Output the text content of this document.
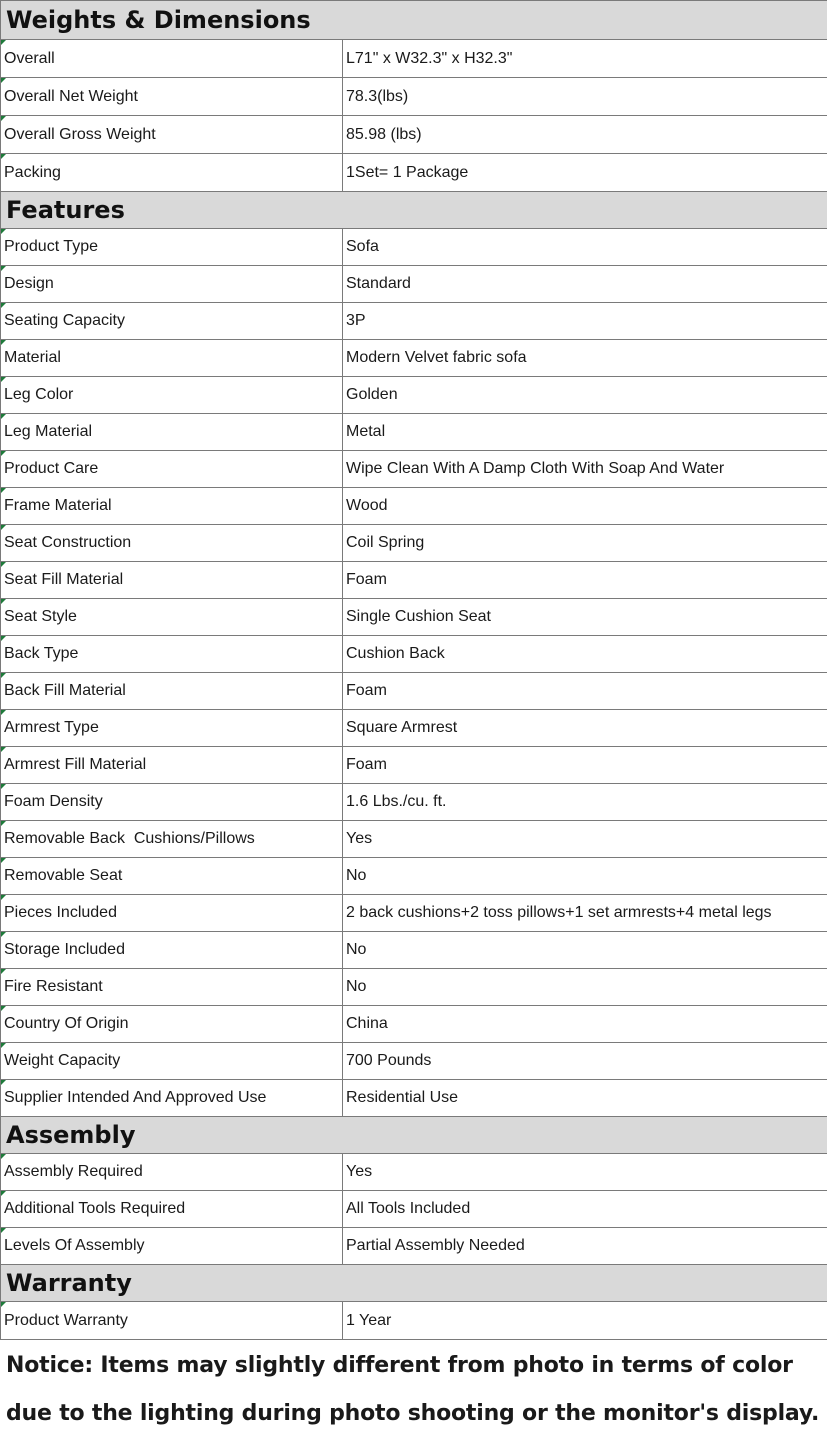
Weights & Dimensions	
Overall	L71" x W32.3" x H32.3"
Overall Net Weight	78.3(lbs)
Overall Gross Weight	85.98 (lbs)
Packing	1Set= 1 Package
Features	
Product Type	Sofa
Design	Standard
Seating Capacity	3P
Material	Modern Velvet fabric sofa
Leg Color	Golden
Leg Material	Metal
Product Care	Wipe Clean With A Damp Cloth With Soap And Water
Frame Material	Wood
Seat Construction	Coil Spring
Seat Fill Material	Foam
Seat Style	Single Cushion Seat
Back Type	Cushion Back
Back Fill Material	Foam
Armrest Type	Square Armrest
Armrest Fill Material	Foam
Foam Density	1.6 Lbs./cu. ft.
Removable Back  Cushions/Pillows	Yes
Removable Seat	No
Pieces Included	2 back cushions+2 toss pillows+1 set armrests+4 metal legs
Storage Included	No
Fire Resistant	No
Country Of Origin	China
Weight Capacity	700 Pounds
Supplier Intended And Approved Use	Residential Use
Assembly	
Assembly Required	Yes
Additional Tools Required	All Tools Included
Levels Of Assembly	Partial Assembly Needed
Warranty	
Product Warranty	1 Year
Notice: Items may slightly different from photo in terms of color
due to the lighting during photo shooting or the monitor's display.
